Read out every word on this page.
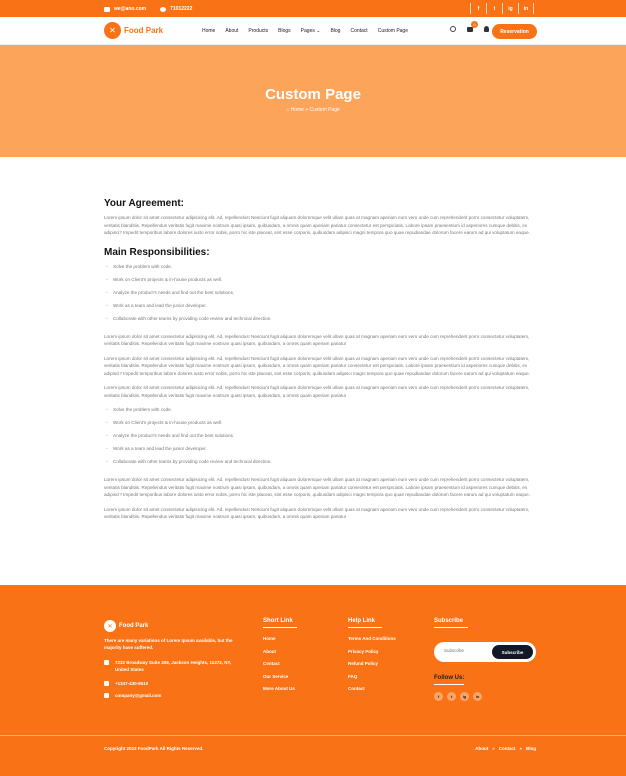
we@ano.com	71012222	f	t	ig	in
✕	Food Park	Home About Products Blogs Pages ⌄ Blog Contact Custom Page
0
Reservation
Custom Page
⌂ Home » Custom Page
Your Agreement:

Lorem ipsum dolor sit amet consectetur adipisicing elit. Ad, repellendus! Nesciunt fugit aliquam doloremque velit ullam quas at magnam aperiam eum vero unde cum reprehenderit porro consectetur voluptatem, veritatis blanditiis. Repellendus veritatis fugit maxime nostrum quasi ipsam, quibusdam, a omnis quam aperiam pariatur consectetur est perspiciatis. Labore ipsam praesentium id asperiores cumque debitis, ex adipisci? Impedit temporibus labore dolores iusto error nobis, porro hic iste placeat, sint esse corporis, quibusdam adipisci magni tempora quo quae repudiandae dolorum facere earum ad qui voluptatum eaque.

Main Responsibilities:
→ Solve the problem with code.
→ Work on Client's projects & in-house products as well.
→ Analyze the product's needs and find out the best solutions.
→ Work as a team and lead the junior developer.
→ Collaborate with other teams by providing code review and technical direction.

Lorem ipsum dolor sit amet consectetur adipisicing elit. Ad, repellendus! Nesciunt fugit aliquam doloremque velit ullam quas at magnam aperiam eum vero unde cum reprehenderit porro consectetur voluptatem, veritatis blanditiis. Repellendus veritatis fugit maxime nostrum quasi ipsam, quibusdam, a omnis quam aperiam pariatur

Lorem ipsum dolor sit amet consectetur adipisicing elit. Ad, repellendus! Nesciunt fugit aliquam doloremque velit ullam quas at magnam aperiam eum vero unde cum reprehenderit porro consectetur voluptatem, veritatis blanditiis. Repellendus veritatis fugit maxime nostrum quasi ipsam, quibusdam, a omnis quam aperiam pariatur consectetur est perspiciatis. Labore ipsam praesentium id asperiores cumque debitis, ex adipisci? Impedit temporibus labore dolores iusto error nobis, porro hic iste placeat, sint esse corporis, quibusdam adipisci magni tempora quo quae repudiandae dolorum facere earum ad qui voluptatum eaque.

Lorem ipsum dolor sit amet consectetur adipisicing elit. Ad, repellendus! Nesciunt fugit aliquam doloremque velit ullam quas at magnam aperiam eum vero unde cum reprehenderit porro consectetur voluptatem, veritatis blanditiis. Repellendus veritatis fugit maxime nostrum quasi ipsam, quibusdam, a omnis quam aperiam pariatur

→ Solve the problem with code.
→ Work on Client's projects & in-house products as well.
→ Analyze the product's needs and find out the best solutions.
→ Work as a team and lead the junior developer.
→ Collaborate with other teams by providing code review and technical direction.

Lorem ipsum dolor sit amet consectetur adipisicing elit. Ad, repellendus! Nesciunt fugit aliquam doloremque velit ullam quas at magnam aperiam eum vero unde cum reprehenderit porro consectetur voluptatem, veritatis blanditiis. Repellendus veritatis fugit maxime nostrum quasi ipsam, quibusdam, a omnis quam aperiam pariatur consectetur est perspiciatis. Labore ipsam praesentium id asperiores cumque debitis, ex adipisci? Impedit temporibus labore dolores iusto error nobis, porro hic iste placeat, sint esse corporis, quibusdam adipisci magni tempora quo quae repudiandae dolorum facere earum ad qui voluptatum eaque.

Lorem ipsum dolor sit amet consectetur adipisicing elit. Ad, repellendus! Nesciunt fugit aliquam doloremque velit ullam quas at magnam aperiam eum vero unde cum reprehenderit porro consectetur voluptatem, veritatis blanditiis. Repellendus veritatis fugit maxime nostrum quasi ipsam, quibusdam, a omnis quam aperiam pariatur

✕	Food Park
There are many variations of Lorem Ipsum available, but the majority have suffered.
7232 Broadway Suite 308, Jackson Heights, 11372, NY, United States
+1347-430-9510
company@gmail.com
Short Link
Home
About
Contact
Our Service
More About Us
Help Link
Terms And Conditions
Privacy Policy
Refund Policy
FAQ
Contact
Subscribe
Copyright 2023 FoodPark All Rights Reserved.	About » Contact » Blog
Subscribe
Subscribe
Follow Us:
f	t	ig	in
